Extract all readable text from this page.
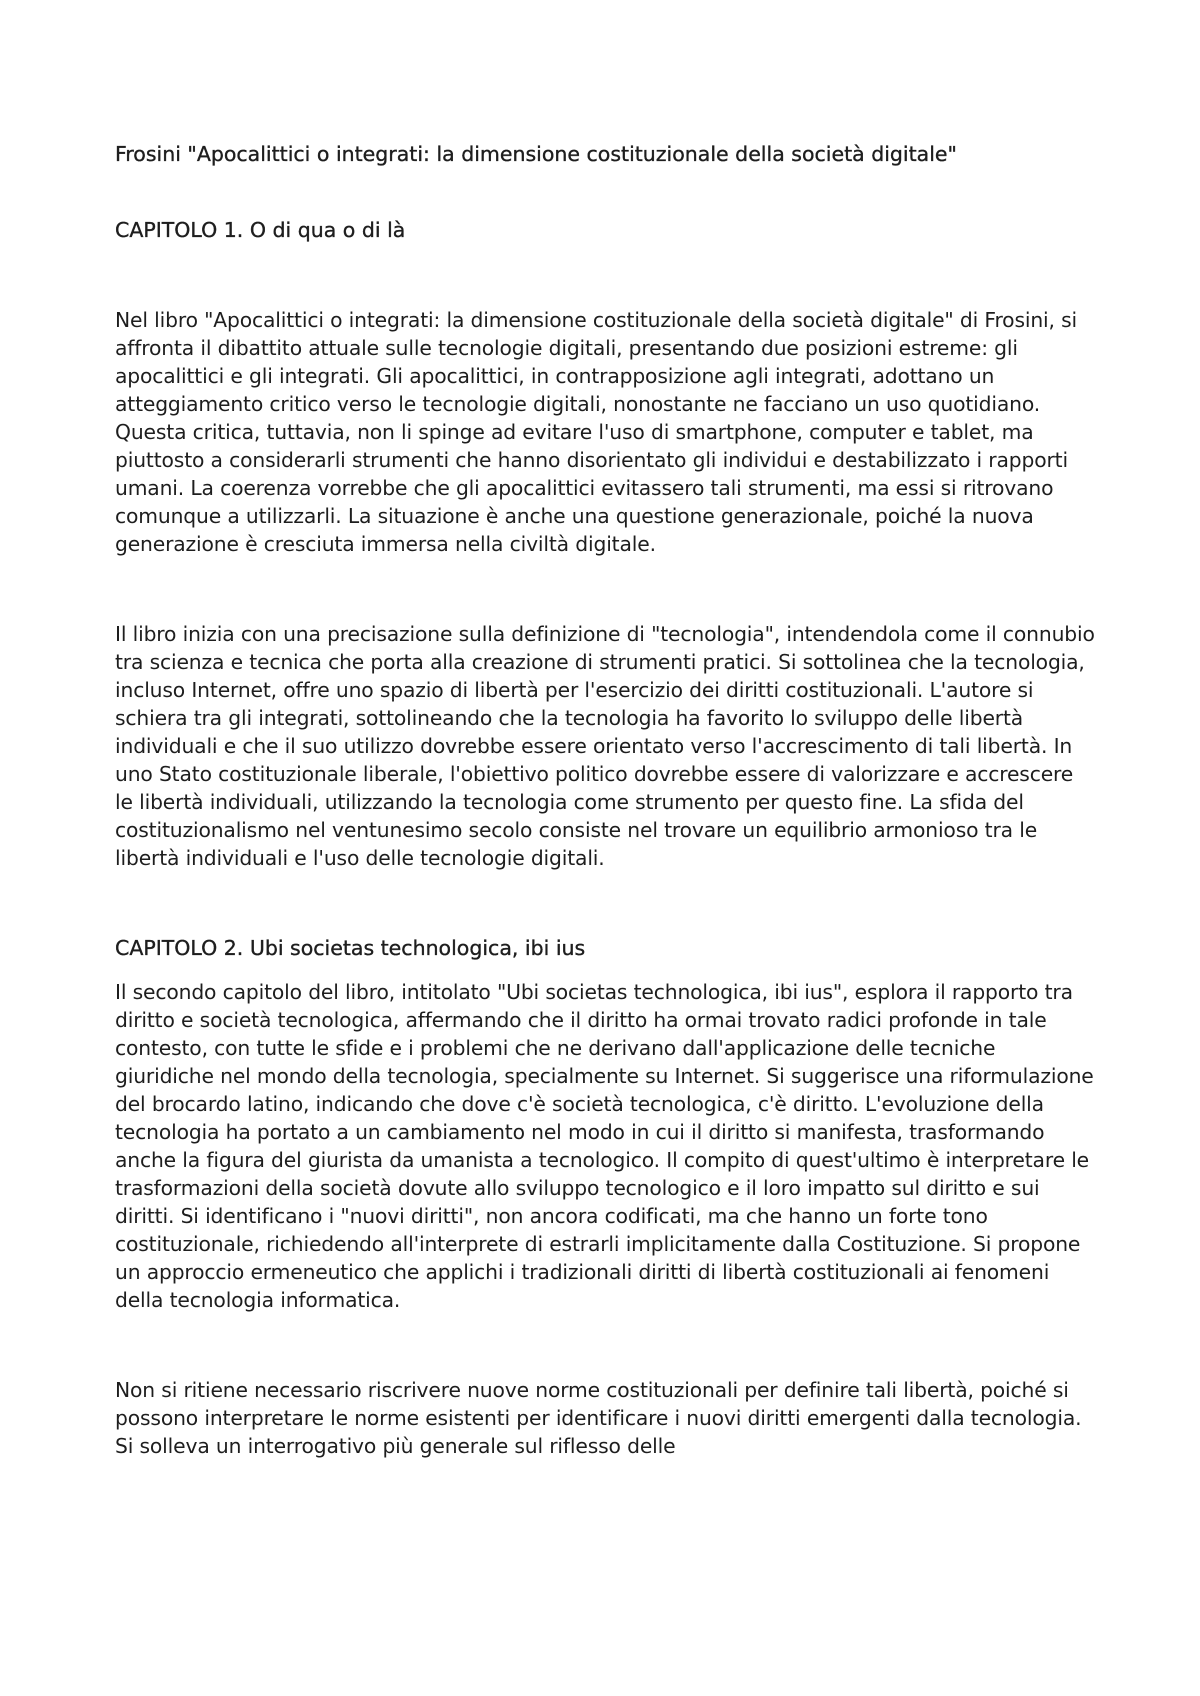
Frosini "Apocalittici o integrati: la dimensione costituzionale della società digitale"
CAPITOLO 1. O di qua o di là

Nel libro "Apocalittici o integrati: la dimensione costituzionale della società digitale" di Frosini, si affronta il dibattito attuale sulle tecnologie digitali, presentando due posizioni estreme: gli apocalittici e gli integrati. Gli apocalittici, in contrapposizione agli integrati, adottano un atteggiamento critico verso le tecnologie digitali, nonostante ne facciano un uso quotidiano. Questa critica, tuttavia, non li spinge ad evitare l'uso di smartphone, computer e tablet, ma piuttosto a considerarli strumenti che hanno disorientato gli individui e destabilizzato i rapporti umani. La coerenza vorrebbe che gli apocalittici evitassero tali strumenti, ma essi si ritrovano comunque a utilizzarli. La situazione è anche una questione generazionale, poiché la nuova generazione è cresciuta immersa nella civiltà digitale.

Il libro inizia con una precisazione sulla definizione di "tecnologia", intendendola come il connubio tra scienza e tecnica che porta alla creazione di strumenti pratici. Si sottolinea che la tecnologia, incluso Internet, offre uno spazio di libertà per l'esercizio dei diritti costituzionali. L'autore si schiera tra gli integrati, sottolineando che la tecnologia ha favorito lo sviluppo delle libertà individuali e che il suo utilizzo dovrebbe essere orientato verso l'accrescimento di tali libertà. In uno Stato costituzionale liberale, l'obiettivo politico dovrebbe essere di valorizzare e accrescere le libertà individuali, utilizzando la tecnologia come strumento per questo fine. La sfida del costituzionalismo nel ventunesimo secolo consiste nel trovare un equilibrio armonioso tra le libertà individuali e l'uso delle tecnologie digitali.

CAPITOLO 2. Ubi societas technologica, ibi ius

Il secondo capitolo del libro, intitolato "Ubi societas technologica, ibi ius", esplora il rapporto tra diritto e società tecnologica, affermando che il diritto ha ormai trovato radici profonde in tale contesto, con tutte le sfide e i problemi che ne derivano dall'applicazione delle tecniche giuridiche nel mondo della tecnologia, specialmente su Internet. Si suggerisce una riformulazione del brocardo latino, indicando che dove c'è società tecnologica, c'è diritto. L'evoluzione della tecnologia ha portato a un cambiamento nel modo in cui il diritto si manifesta, trasformando anche la figura del giurista da umanista a tecnologico. Il compito di quest'ultimo è interpretare le trasformazioni della società dovute allo sviluppo tecnologico e il loro impatto sul diritto e sui diritti. Si identificano i "nuovi diritti", non ancora codificati, ma che hanno un forte tono costituzionale, richiedendo all'interprete di estrarli implicitamente dalla Costituzione. Si propone un approccio ermeneutico che applichi i tradizionali diritti di libertà costituzionali ai fenomeni della tecnologia informatica.

Non si ritiene necessario riscrivere nuove norme costituzionali per definire tali libertà, poiché si possono interpretare le norme esistenti per identificare i nuovi diritti emergenti dalla tecnologia. Si solleva un interrogativo più generale sul riflesso delle
